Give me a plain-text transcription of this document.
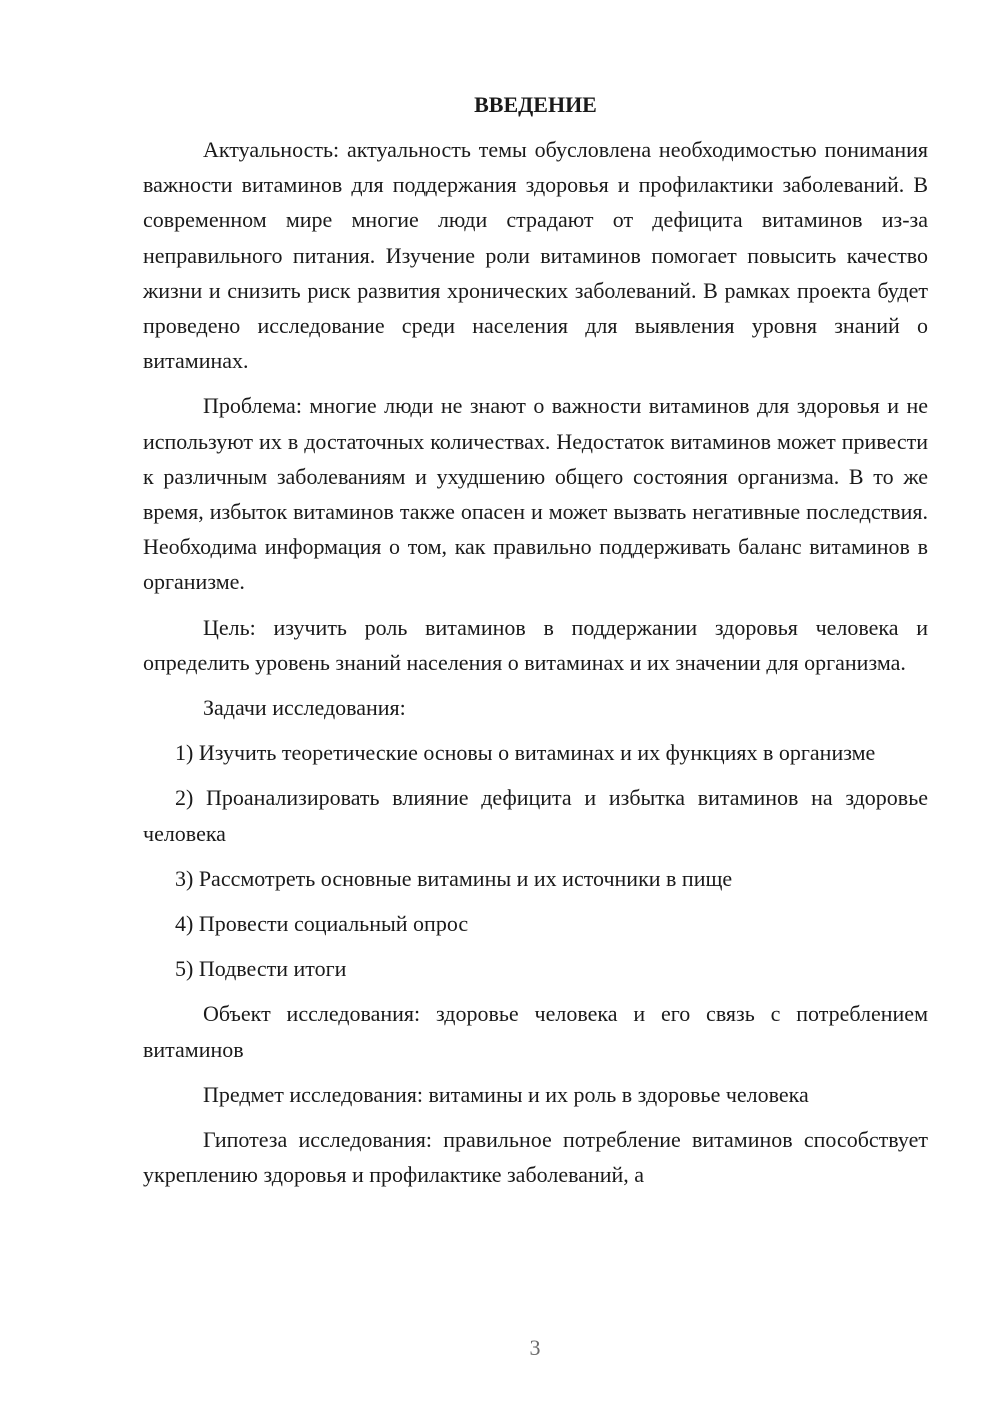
ВВЕДЕНИЕ

Актуальность: актуальность темы обусловлена необходимостью понимания важности витаминов для поддержания здоровья и профилактики заболеваний. В современном мире многие люди страдают от дефицита витаминов из-за неправильного питания. Изучение роли витаминов помогает повысить качество жизни и снизить риск развития хронических заболеваний. В рамках проекта будет проведено исследование среди населения для выявления уровня знаний о витаминах.

Проблема: многие люди не знают о важности витаминов для здоровья и не используют их в достаточных количествах. Недостаток витаминов может привести к различным заболеваниям и ухудшению общего состояния организма. В то же время, избыток витаминов также опасен и может вызвать негативные последствия. Необходима информация о том, как правильно поддерживать баланс витаминов в организме.

Цель: изучить роль витаминов в поддержании здоровья человека и определить уровень знаний населения о витаминах и их значении для организма.

Задачи исследования:

1) Изучить теоретические основы о витаминах и их функциях в организме

2) Проанализировать влияние дефицита и избытка витаминов на здоровье человека

3) Рассмотреть основные витамины и их источники в пище

4) Провести социальный опрос

5) Подвести итоги

Объект исследования: здоровье человека и его связь с потреблением витаминов

Предмет исследования: витамины и их роль в здоровье человека

Гипотеза исследования: правильное потребление витаминов способствует укреплению здоровья и профилактике заболеваний, а

3
